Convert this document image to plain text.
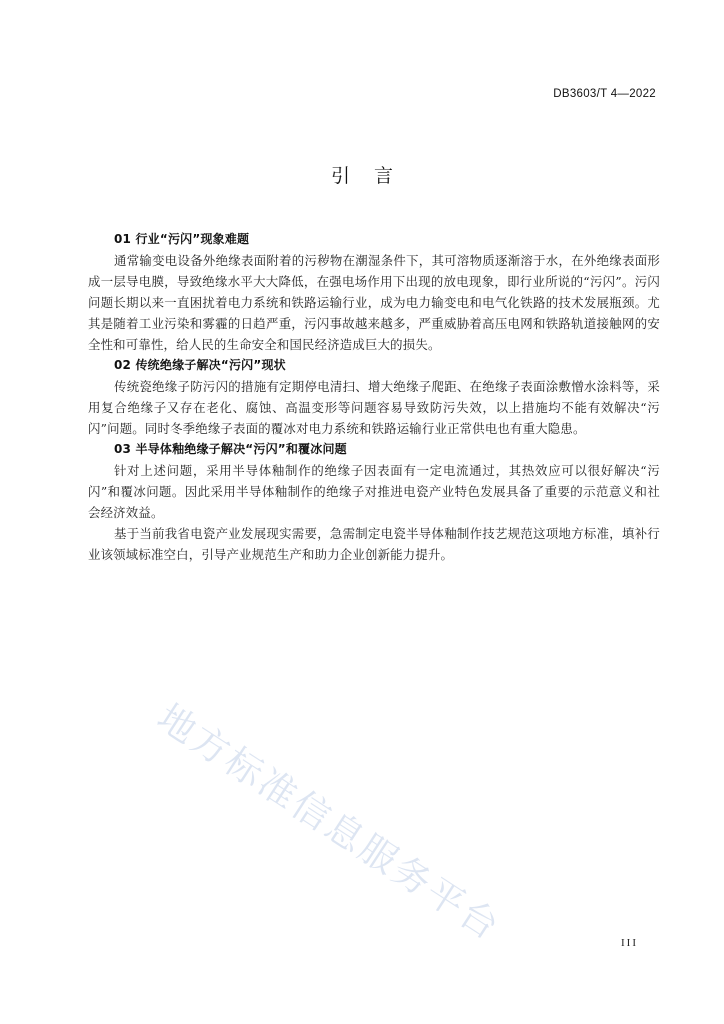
DB3603/T 4—2022
引言

01 行业“污闪”现象难题

通常输变电设备外绝缘表面附着的污秽物在潮湿条件下，其可溶物质逐渐溶于水，在外绝缘表面形成一层导电膜，导致绝缘水平大大降低，在强电场作用下出现的放电现象，即行业所说的“污闪”。污闪问题长期以来一直困扰着电力系统和铁路运输行业，成为电力输变电和电气化铁路的技术发展瓶颈。尤其是随着工业污染和雾霾的日趋严重，污闪事故越来越多，严重威胁着高压电网和铁路轨道接触网的安全性和可靠性，给人民的生命安全和国民经济造成巨大的损失。

02 传统绝缘子解决“污闪”现状

传统瓷绝缘子防污闪的措施有定期停电清扫、增大绝缘子爬距、在绝缘子表面涂敷憎水涂料等，采用复合绝缘子又存在老化、腐蚀、高温变形等问题容易导致防污失效，以上措施均不能有效解决“污闪”问题。同时冬季绝缘子表面的覆冰对电力系统和铁路运输行业正常供电也有重大隐患。

03 半导体釉绝缘子解决“污闪”和覆冰问题

针对上述问题，采用半导体釉制作的绝缘子因表面有一定电流通过，其热效应可以很好解决“污闪”和覆冰问题。因此采用半导体釉制作的绝缘子对推进电瓷产业特色发展具备了重要的示范意义和社会经济效益。

基于当前我省电瓷产业发展现实需要，急需制定电瓷半导体釉制作技艺规范这项地方标准，填补行业该领域标准空白，引导产业规范生产和助力企业创新能力提升。

地方标准信息服务平台	III
